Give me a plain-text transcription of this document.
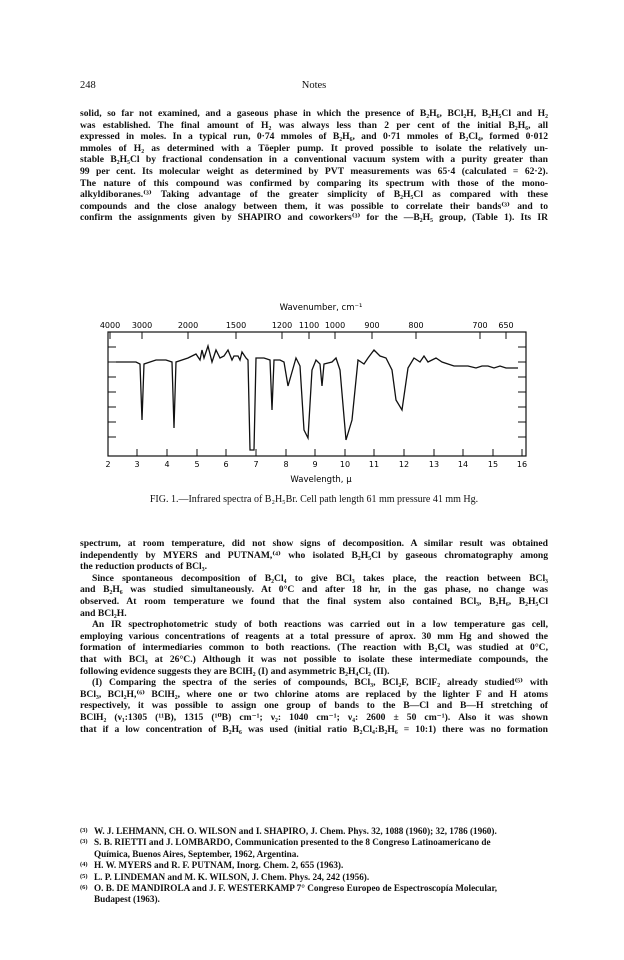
248	Notes
solid, so far not examined, and a gaseous phase in which the presence of B₂H₆, BCl₂H, B₂H₅Cl and H₂
was established. The final amount of H₂ was always less than 2 per cent of the initial B₂H₆, all
expressed in moles. In a typical run, 0·74 mmoles of B₂H₆, and 0·71 mmoles of B₂Cl₄, formed 0·012
mmoles of H₂ as determined with a Töepler pump. It proved possible to isolate the relatively un-
stable B₂H₅Cl by fractional condensation in a conventional vacuum system with a purity greater than
99 per cent. Its molecular weight as determined by PVT measurements was 65·4 (calculated = 62·2).
The nature of this compound was confirmed by comparing its spectrum with those of the mono-
alkyldiboranes.⁽³⁾ Taking advantage of the greater simplicity of B₂H₅Cl as compared with these
compounds and the close analogy between them, it was possible to correlate their bands⁽³⁾ and to
confirm the assignments given by SHAPIRO and coworkers⁽³⁾ for the —B₂H₅ group, (Table 1). Its IR
Wavenumber, cm⁻¹
4000 3000	2000	1500	1200 1100 1000 900	800	700 650
2	3	4	5	6	7	8	9	10 11 12 13 14 15 16
Wavelength, μ
FIG. 1.—Infrared spectra of B₂H₅Br. Cell path length 61 mm pressure 41 mm Hg.
spectrum, at room temperature, did not show signs of decomposition. A similar result was obtained
independently by MYERS and PUTNAM,⁽⁴⁾ who isolated B₂H₅Cl by gaseous chromatography among
the reduction products of BCl₃.
Since spontaneous decomposition of B₂Cl₄ to give BCl₃ takes place, the reaction between BCl₃
and B₂H₆ was studied simultaneously. At 0°C and after 18 hr, in the gas phase, no change was
observed. At room temperature we found that the final system also contained BCl₃, B₂H₆, B₂H₅Cl
and BCl₂H.
An IR spectrophotometric study of both reactions was carried out in a low temperature gas cell,
employing various concentrations of reagents at a total pressure of aprox. 30 mm Hg and showed the
formation of intermediaries common to both reactions. (The reaction with B₂Cl₄ was studied at 0°C,
that with BCl₃ at 26°C.) Although it was not possible to isolate these intermediate compounds, the
following evidence suggests they are BClH₂ (I) and asymmetric B₂H₄Cl₂ (II).
(I) Comparing the spectra of the series of compounds, BCl₃, BCl₂F, BClF₂ already studied⁽⁵⁾ with
BCl₃, BCl₂H,⁽⁶⁾ BClH₂, where one or two chlorine atoms are replaced by the lighter F and H atoms
respectively, it was possible to assign one group of bands to the B—Cl and B—H stretching of
BClH₂ (ν₁:1305 (¹¹B), 1315 (¹⁰B) cm⁻¹; ν₂: 1040 cm⁻¹; ν₄: 2600 ± 50 cm⁻¹). Also it was shown
that if a low concentration of B₂H₆ was used (initial ratio B₂Cl₄:B₂H₆ = 10:1) there was no formation

(3) W. J. LEHMANN, CH. O. WILSON and I. SHAPIRO, J. Chem. Phys. 32, 1088 (1960); 32, 1786 (1960).

(3) S. B. RIETTI and J. LOMBARDO, Communication presented to the 8 Congreso Latinoamericano de

Química, Buenos Aires, September, 1962, Argentina.

(4) H. W. MYERS and R. F. PUTNAM, Inorg. Chem. 2, 655 (1963).

(5) L. P. LINDEMAN and M. K. WILSON, J. Chem. Phys. 24, 242 (1956).

(6) O. B. DE MANDIROLA and J. F. WESTERKAMP 7° Congreso Europeo de Espectroscopía Molecular,

Budapest (1963).
